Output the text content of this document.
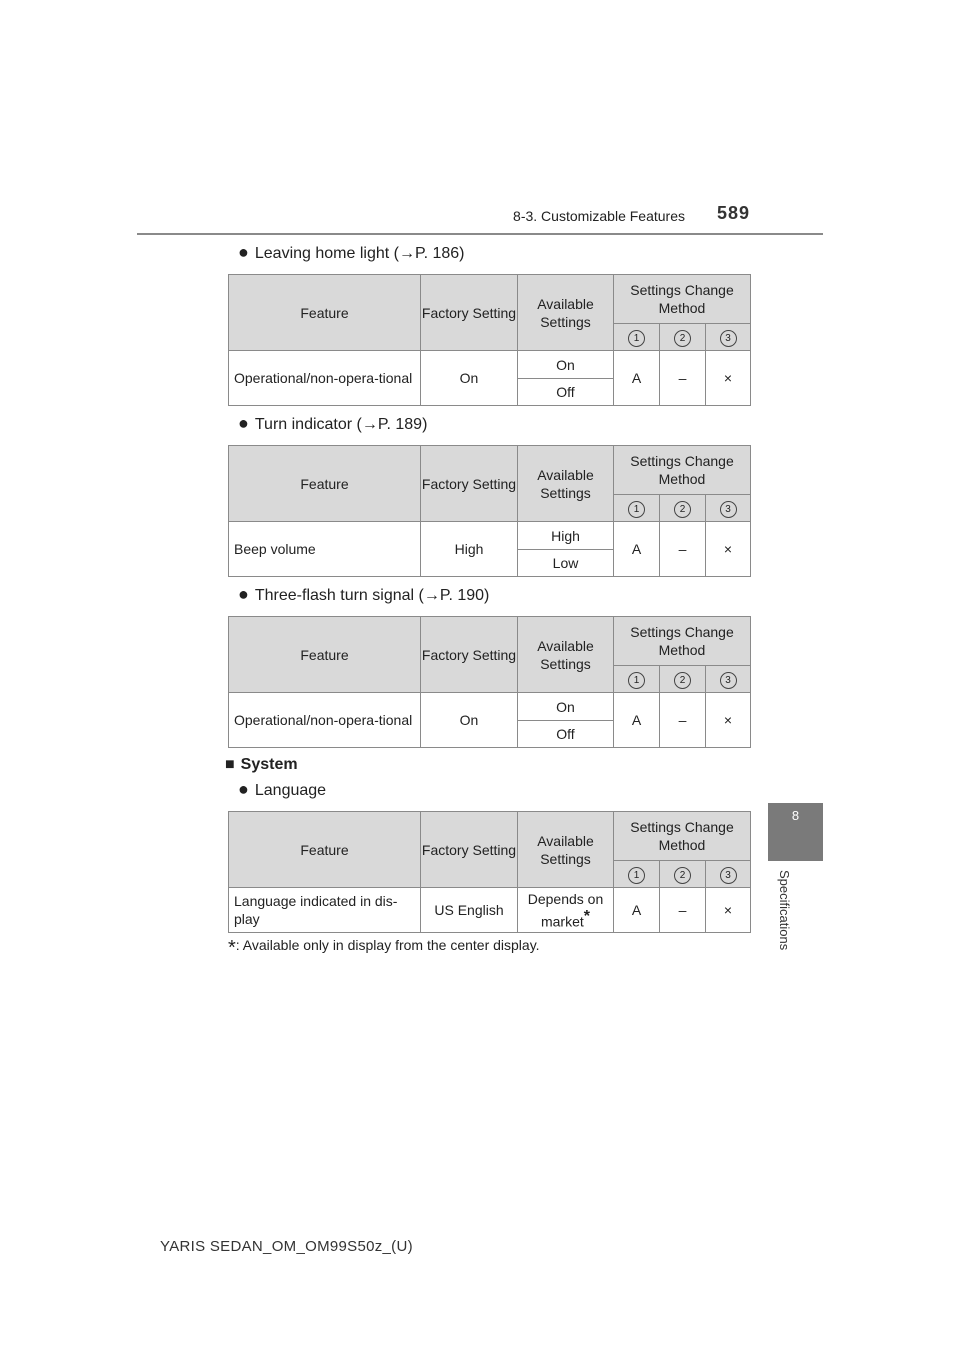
8-3. Customizable Features 589
8
Specifications
● Leaving home light (→P. 186)
Feature	Factory Setting	Available Settings	Settings Change Method		
			1	2	3
Operational/non-opera-tional	On	On	A	–	×
		Off			
● Turn indicator (→P. 189)
Feature	Factory Setting	Available Settings	Settings Change Method		
			1	2	3
Beep volume	High	High	A	–	×
		Low			
● Three-flash turn signal (→P. 190)
Feature	Factory Setting	Available Settings	Settings Change Method		
			1	2	3
Operational/non-opera-tional	On	On	A	–	×
		Off			
■ System
● Language
Feature	Factory Setting	Available Settings	Settings Change Method		
			1	2	3
Language indicated in dis-play	US English	Depends on market*	A	–	×
*: Available only in display from the center display.
YARIS SEDAN_OM_OM99S50z_(U)
